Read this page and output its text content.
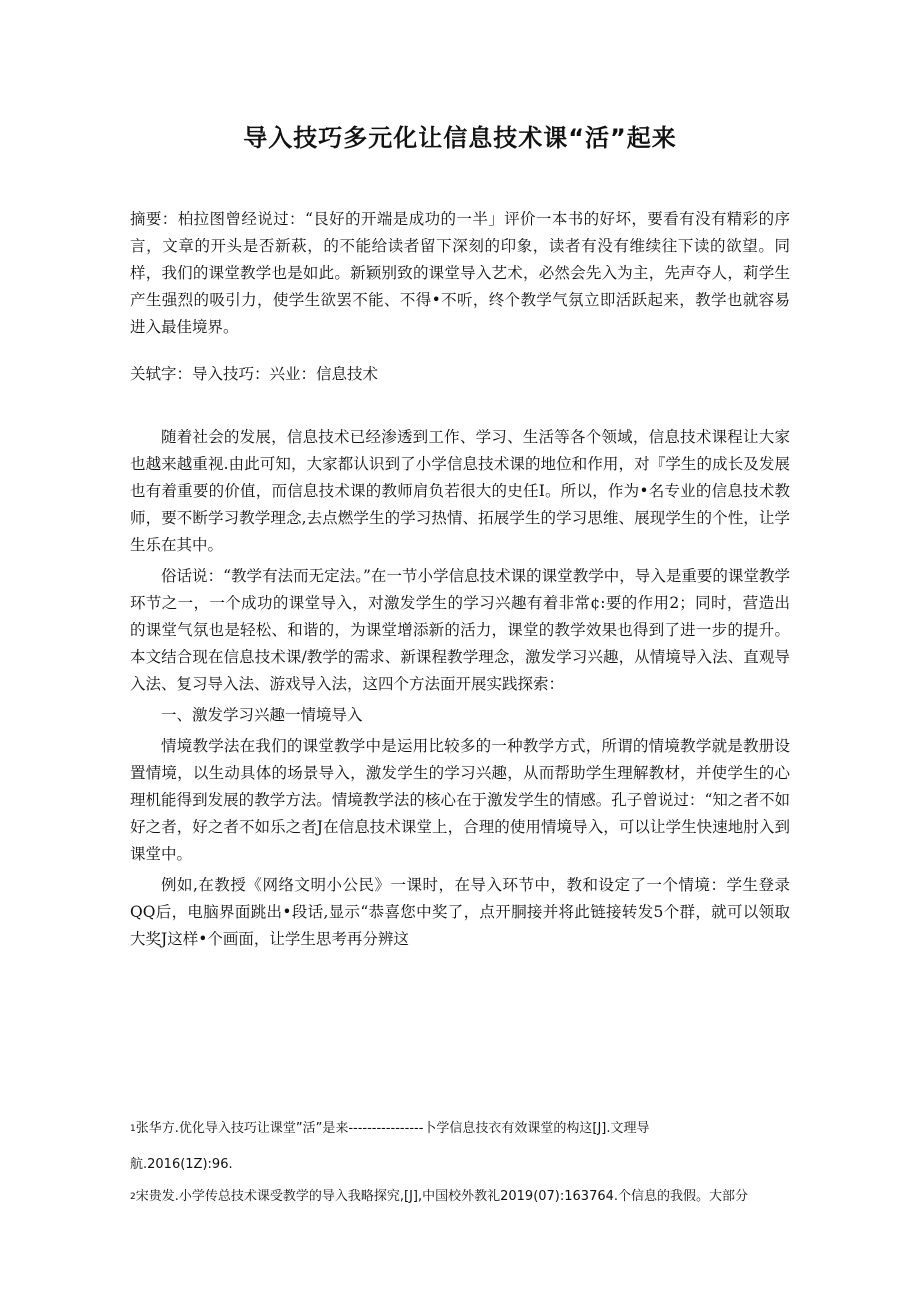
导入技巧多元化让信息技术课“活”起来
摘要：柏拉图曾经说过：“艮好的开端是成功的一半」评价一本书的好坏，要看有没有精彩的序言，文章的开头是否新萩，的不能给读者留下深刻的印象，读者有没有维续往下读的欲望。同样，我们的课堂教学也是如此。新颖别致的课堂导入艺术，必然会先入为主，先声夺人，莉学生产生强烈的吸引力，使学生欲罢不能、不得•不听，终个教学气氛立即活跃起来，教学也就容易进入最佳境界。
关轼字：导入技巧：兴业：信息技术

随着社会的发展，信息技术已经渗透到工作、学习、生活等各个领域，信息技术课程让大家也越来越重视.由此可知，大家都认识到了小学信息技术课的地位和作用，对『学生的成长及发展也有着重要的价值，而信息技术课的教师肩负若很大的史任I。所以，作为•名专业的信息技术教师，要不断学习教学理念,去点燃学生的学习热情、拓展学生的学习思维、展现学生的个性，让学生乐在其中。

俗话说：“教学有法而无定法。”在一节小学信息技术课的课堂教学中，导入是重要的课堂教学环节之一，一个成功的课堂导入，对激发学生的学习兴趣有着非常¢:要的作用2；同时，营造出的课堂气氛也是轻松、和谐的，为课堂增添新的活力，课堂的教学效果也得到了进一步的提升。本文结合现在信息技术课/教学的需求、新课程教学理念，激发学习兴趣，从情境导入法、直观导入法、复习导入法、游戏导入法，这四个方法面开展实践探索：

一、激发学习兴趣一情境导入

情境教学法在我们的课堂教学中是运用比较多的一种教学方式，所谓的情境教学就是教册设置情境，以生动具体的场景导入，激发学生的学习兴趣，从而帮助学生理解教材，并使学生的心理机能得到发展的教学方法。情境教学法的核心在于激发学生的情感。孔子曾说过：“知之者不如好之者，好之者不如乐之者J在信息技术课堂上，合理的使用情境导入，可以让学生快速地肘入到课堂中。

例如,在教授《网络文明小公民》一课时，在导入环节中，教和设定了一个情境：学生登录QQ后，电脑界面跳出•段话,显示“恭喜您中奖了，点开胴接并将此链接转发5个群，就可以领取大奖J这样•个画面，让学生思考再分辨这

$^1$张华方.优化导入技巧让课堂”活”是来----------------卜学信息技衣有效课堂的构这[J].文理导
航.2016(1Z):96.
$^2$宋贵发.小学传总技术课受教学的导入我略探究,[J],中国校外教礼2019(07):163764.个信息的我假。大部分
